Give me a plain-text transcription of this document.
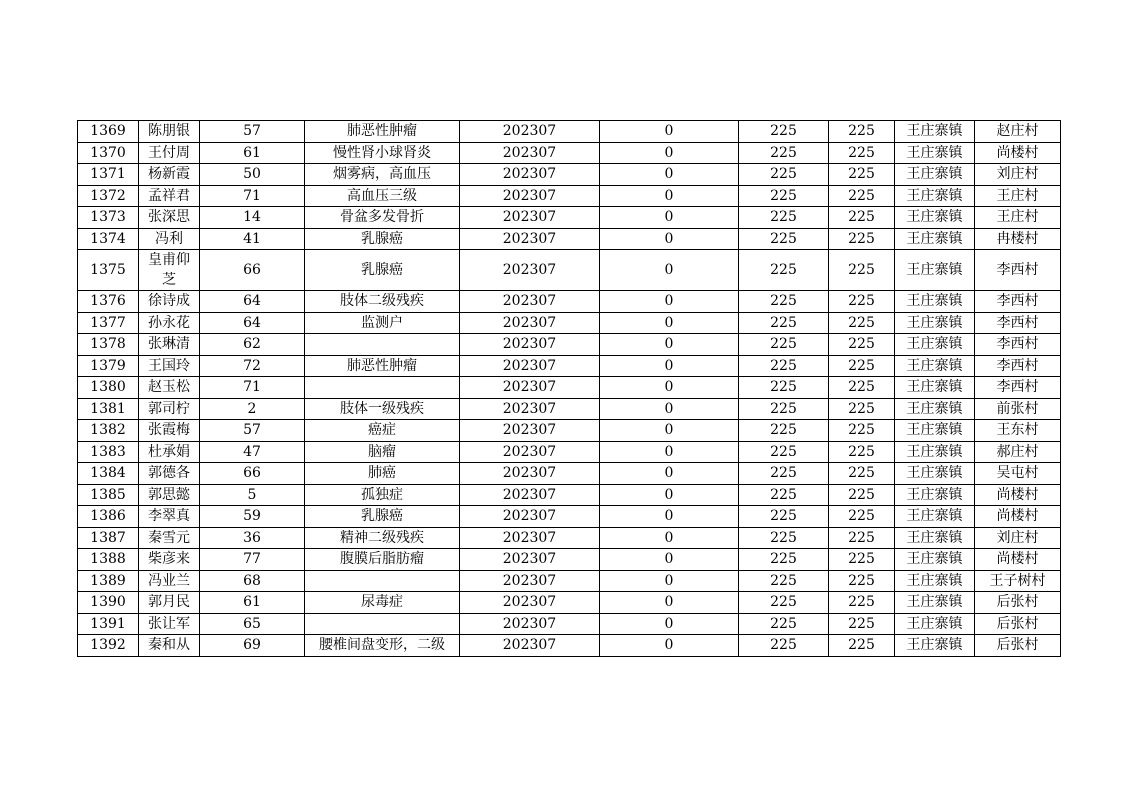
1369	陈朋银	57	肺恶性肿瘤	202307	0	225	225	王庄寨镇	赵庄村
1370	王付周	61	慢性肾小球肾炎	202307	0	225	225	王庄寨镇	尚楼村
1371	杨新霞	50	烟雾病，高血压	202307	0	225	225	王庄寨镇	刘庄村
1372	孟祥君	71	高血压三级	202307	0	225	225	王庄寨镇	王庄村
1373	张深思	14	骨盆多发骨折	202307	0	225	225	王庄寨镇	王庄村
1374	冯利	41	乳腺癌	202307	0	225	225	王庄寨镇	冉楼村
1375	皇甫仰芝	66	乳腺癌	202307	0	225	225	王庄寨镇	李西村
1376	徐诗成	64	肢体二级残疾	202307	0	225	225	王庄寨镇	李西村
1377	孙永花	64	监测户	202307	0	225	225	王庄寨镇	李西村
1378	张琳清	62		202307	0	225	225	王庄寨镇	李西村
1379	王国玲	72	肺恶性肿瘤	202307	0	225	225	王庄寨镇	李西村
1380	赵玉松	71		202307	0	225	225	王庄寨镇	李西村
1381	郭司柠	2	肢体一级残疾	202307	0	225	225	王庄寨镇	前张村
1382	张霞梅	57	癌症	202307	0	225	225	王庄寨镇	王东村
1383	杜承娟	47	脑瘤	202307	0	225	225	王庄寨镇	郝庄村
1384	郭德各	66	肺癌	202307	0	225	225	王庄寨镇	吴屯村
1385	郭思懿	5	孤独症	202307	0	225	225	王庄寨镇	尚楼村
1386	李翠真	59	乳腺癌	202307	0	225	225	王庄寨镇	尚楼村
1387	秦雪元	36	精神二级残疾	202307	0	225	225	王庄寨镇	刘庄村
1388	柴彦来	77	腹膜后脂肪瘤	202307	0	225	225	王庄寨镇	尚楼村
1389	冯业兰	68		202307	0	225	225	王庄寨镇	王子树村
1390	郭月民	61	尿毒症	202307	0	225	225	王庄寨镇	后张村
1391	张让军	65		202307	0	225	225	王庄寨镇	后张村
1392	秦和从	69	腰椎间盘变形，二级	202307	0	225	225	王庄寨镇	后张村
